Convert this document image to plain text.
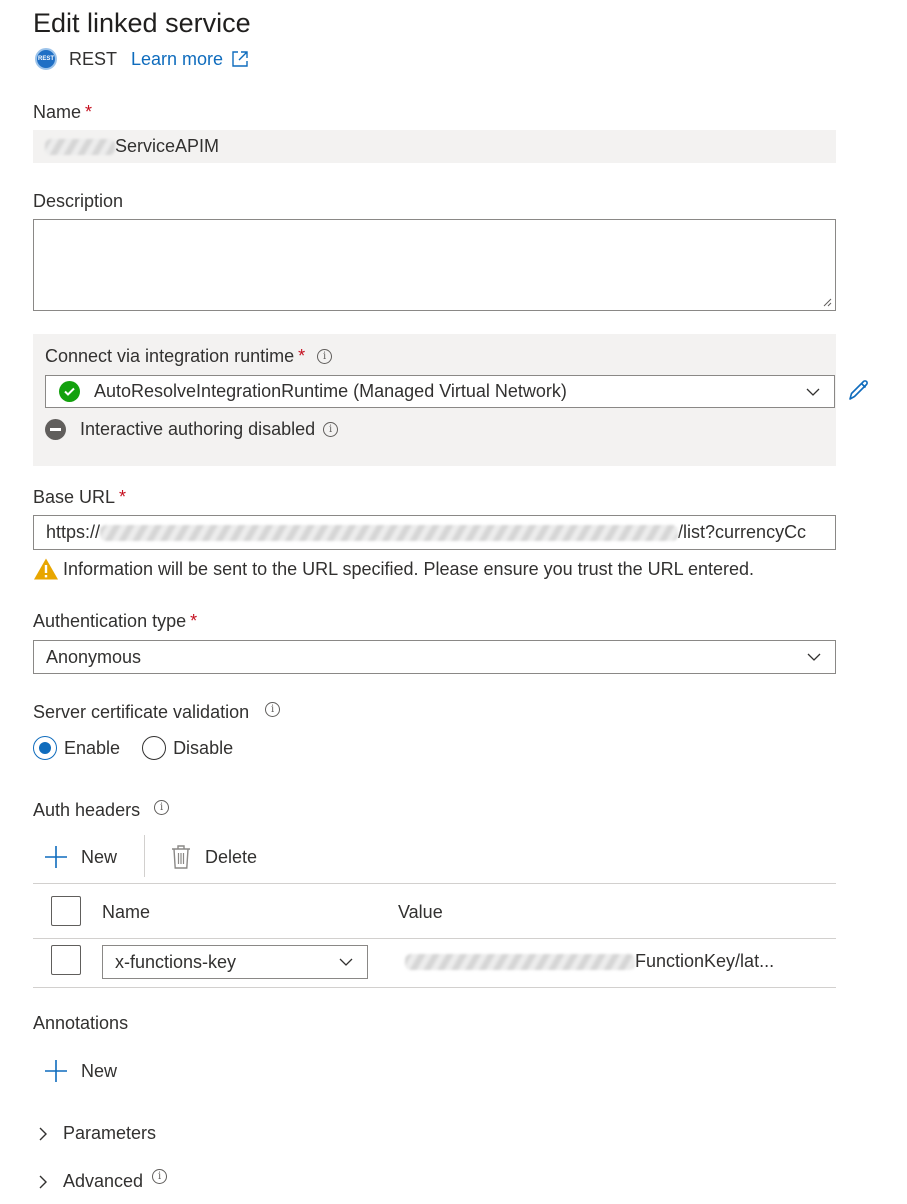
Edit linked service
REST REST Learn more
Name *
ServiceAPIM
Description
Connect via integration runtime *	i
AutoResolveIntegrationRuntime (Managed Virtual Network)
Interactive authoring disabled	i
Base URL *
https://	/list?currencyCc
Information will be sent to the URL specified. Please ensure you trust the URL entered.
Authentication type *
Anonymous
Server certificate validation	i
Enable	Disable
Auth headers	i
New	Delete
Name	Value
x-functions-key	FunctionKey/lat...
Annotations
New
Parameters
Advanced	i
